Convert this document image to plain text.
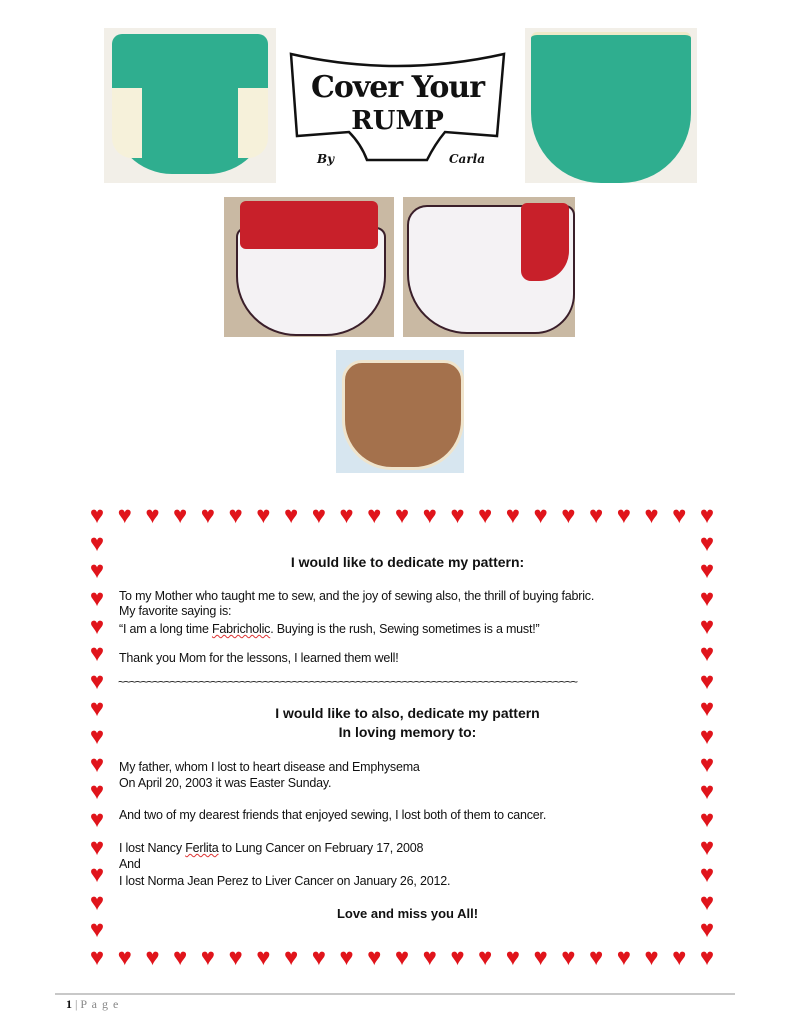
Cover Your
RUMP
By	Carla
♥
♥
♥
♥
♥
♥
♥
♥
♥
♥
♥
♥
♥
♥
♥
♥
♥
♥
♥
♥
♥
♥
♥
♥
♥
♥
♥
♥
♥
♥
♥
♥
♥
♥
♥
♥
♥
♥
♥
♥
♥
♥
♥
♥
♥
♥
♥	♥
♥	♥
♥	♥
♥	♥
♥	♥
♥	♥
♥	♥
♥	♥
♥	♥
♥	♥
♥	♥
♥	♥
♥	♥
♥	♥
♥	♥
I would like to dedicate my pattern:
To my Mother who taught me to sew, and the joy of sewing also, the thrill of buying fabric.
My favorite saying is:
“I am a long time Fabricholic. Buying is the rush, Sewing sometimes is a must!”
Thank you Mom for the lessons, I learned them well!
~~~~~~~~~~~~~~~~~~~~~~~~~~~~~~~~~~~~~~~~~~~~~~~~~~~~~~~~~~~~~~~~~~~~~~~~~~~~~~~
I would like to also, dedicate my pattern
In loving memory to:
My father, whom I lost to heart disease and Emphysema
On April 20, 2003 it was Easter Sunday.
And two of my dearest friends that enjoyed sewing, I lost both of them to cancer.
I lost Nancy Ferlita to Lung Cancer on February 17, 2008
And
I lost Norma Jean Perez to Liver Cancer on January 26, 2012.
Love and miss you All!
1 | P a g e
